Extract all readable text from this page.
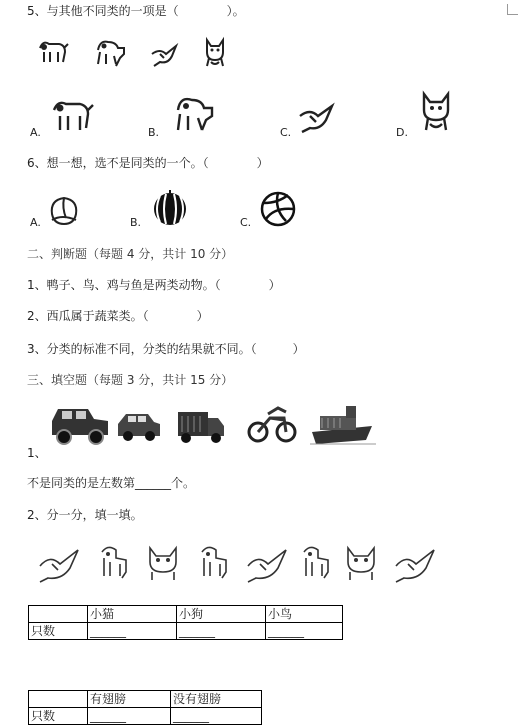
5、与其他不同类的一项是（　　　　）。
A.	B.	C.	D.
6、想一想，选不是同类的一个。（　　　　）
A.	B.	C.
二、判断题（每题 4 分，共计 10 分）
1、鸭子、鸟、鸡与鱼是两类动物。（　　　　）
2、西瓜属于蔬菜类。（　　　　）
3、分类的标准不同，分类的结果就不同。（　　　）
三、填空题（每题 3 分，共计 15 分）
1、
不是同类的是左数第______个。
2、分一分，填一填。
	小猫	小狗	小鸟
只数	______	______	______
	有翅膀	没有翅膀
只数	______	______
